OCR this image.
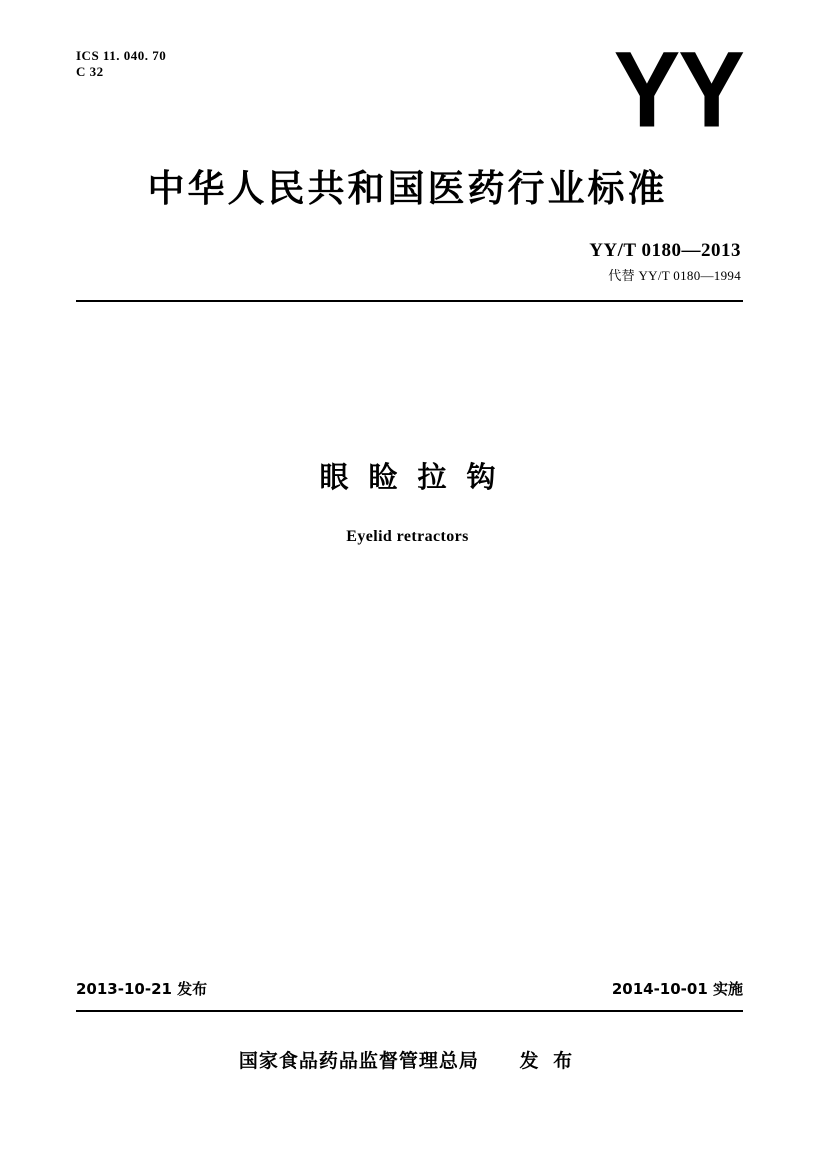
ICS 11. 040. 70
C 32	YY
中华人民共和国医药行业标准
YY/T 0180—2013
代替 YY/T 0180—1994
眼睑拉钩
Eyelid retractors
2013-10-21 发布	2014-10-01 实施
国家食品药品监督管理总局 发 布
